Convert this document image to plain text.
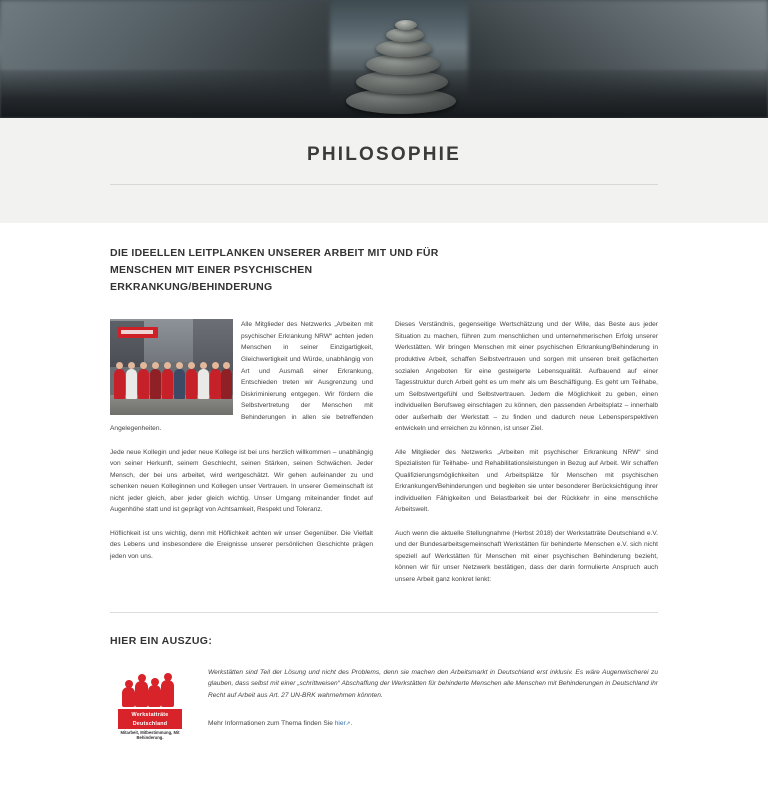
PHILOSOPHIE
DIE IDEELLEN LEITPLANKEN UNSERER ARBEIT MIT UND FÜR MENSCHEN MIT EINER PSYCHISCHEN ERKRANKUNG/BEHINDERUNG

Alle Mitglieder des Netzwerks „Arbeiten mit psychischer Erkrankung NRW“ achten jeden Menschen in seiner Einzigartigkeit, Gleichwertigkeit und Würde, unabhängig von Art und Ausmaß einer Erkrankung, Entschieden treten wir Ausgrenzung und Diskriminierung entgegen. Wir fördern die Selbstvertretung der Menschen mit Behinderungen in allen sie betreffenden Angelegenheiten.

Jede neue Kollegin und jeder neue Kollege ist bei uns herzlich willkommen – unabhängig von seiner Herkunft, seinem Geschlecht, seinen Stärken, seinen Schwächen. Jeder Mensch, der bei uns arbeitet, wird wertgeschätzt. Wir gehen aufeinander zu und schenken neuen Kolleginnen und Kollegen unser Vertrauen. In unserer Gemeinschaft ist nicht jeder gleich, aber jeder gleich wichtig. Unser Umgang miteinander findet auf Augenhöhe statt und ist geprägt von Achtsamkeit, Respekt und Toleranz.

Höflichkeit ist uns wichtig, denn mit Höflichkeit achten wir unser Gegenüber. Die Vielfalt des Lebens und insbesondere die Ereignisse unserer persönlichen Geschichte prägen jeden von uns.

Dieses Verständnis, gegenseitige Wertschätzung und der Wille, das Beste aus jeder Situation zu machen, führen zum menschlichen und unternehmerischen Erfolg unserer Werkstätten. Wir bringen Menschen mit einer psychischen Erkrankung/Behinderung in produktive Arbeit, schaffen Selbstvertrauen und sorgen mit unseren breit gefächerten sozialen Angeboten für eine gesteigerte Lebensqualität. Aufbauend auf einer Tagesstruktur durch Arbeit geht es um mehr als um Beschäftigung. Es geht um Teilhabe, um Selbstwertgefühl und Selbstvertrauen. Jedem die Möglichkeit zu geben, einen individuellen Berufsweg einschlagen zu können, den passenden Arbeitsplatz – innerhalb oder außerhalb der Werkstatt – zu finden und dadurch neue Lebensperspektiven entwickeln und erreichen zu können, ist unser Ziel.

Alle Mitglieder des Netzwerks „Arbeiten mit psychischer Erkrankung NRW“ sind Spezialisten für Teilhabe- und Rehabilitationsleistungen in Bezug auf Arbeit. Wir schaffen Qualifizierungsmöglichkeiten und Arbeitsplätze für Menschen mit psychischen Erkrankungen/Behinderungen und begleiten sie unter besonderer Berücksichtigung ihrer individuellen Fähigkeiten und Belastbarkeit bei der Rückkehr in eine menschliche Arbeitswelt.

Auch wenn die aktuelle Stellungnahme (Herbst 2018) der Werkstatträte Deutschland e.V. und der Bundesarbeitsgemeinschaft Werkstätten für behinderte Menschen e.V. sich nicht speziell auf Werkstätten für Menschen mit einer psychischen Behinderung bezieht, können wir für unser Netzwerk bestätigen, dass der darin formulierte Anspruch auch unsere Arbeit ganz konkret lenkt:

HIER EIN AUSZUG:
Werkstatträte
Deutschland
Mitarbeit, Mitbestimmung, Mit Behinderung.

Werkstätten sind Teil der Lösung und nicht des Problems, denn sie machen den Arbeitsmarkt in Deutschland erst inklusiv. Es wäre Augenwischerei zu glauben, dass selbst mit einer „schrittweisen“ Abschaffung der Werkstätten für behinderte Menschen alle Menschen mit Behinderungen in Deutschland ihr Recht auf Arbeit aus Art. 27 UN-BRK wahrnehmen könnten.

Mehr Informationen zum Thema finden Sie hier↗.
